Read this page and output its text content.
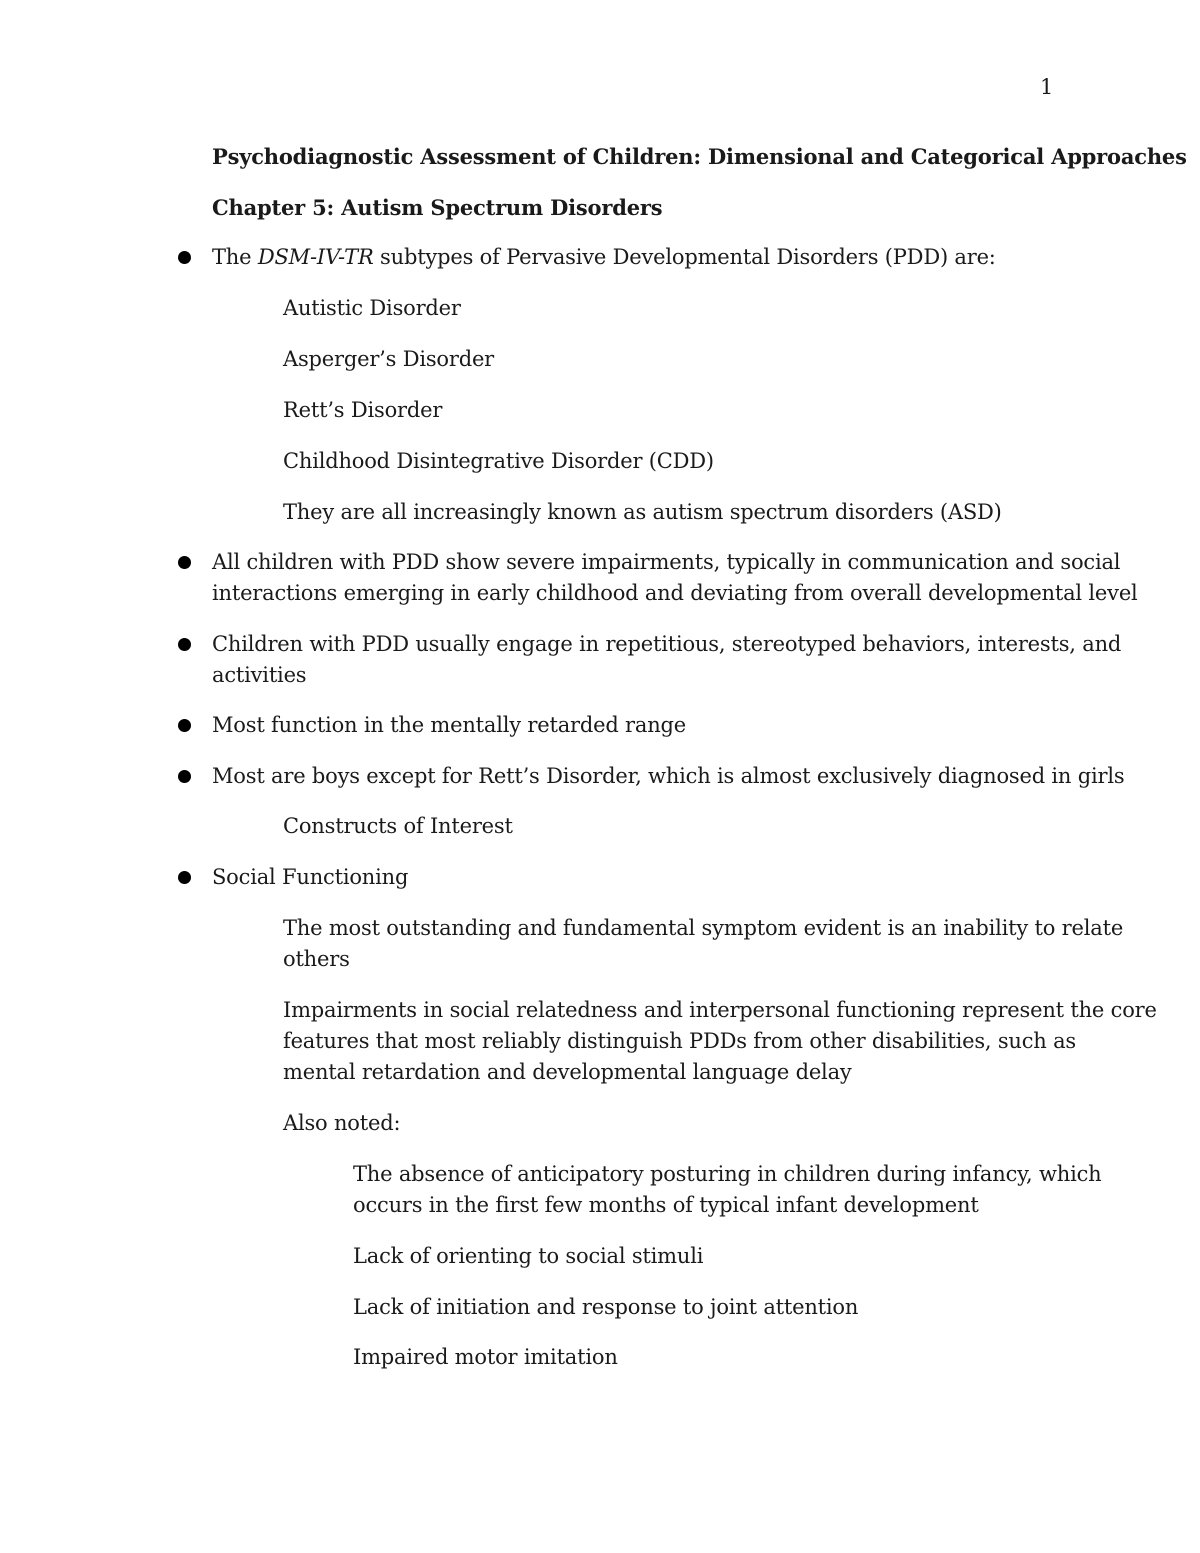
1
Psychodiagnostic Assessment of Children: Dimensional and Categorical Approaches
Chapter 5: Autism Spectrum Disorders
The DSM-IV-TR subtypes of Pervasive Developmental Disorders (PDD) are:
Autistic Disorder
Asperger’s Disorder
Rett’s Disorder
Childhood Disintegrative Disorder (CDD)
They are all increasingly known as autism spectrum disorders (ASD)
All children with PDD show severe impairments, typically in communication and social
interactions emerging in early childhood and deviating from overall developmental level
Children with PDD usually engage in repetitious, stereotyped behaviors, interests, and
activities
Most function in the mentally retarded range
Most are boys except for Rett’s Disorder, which is almost exclusively diagnosed in girls
Constructs of Interest
Social Functioning
The most outstanding and fundamental symptom evident is an inability to relate
others
Impairments in social relatedness and interpersonal functioning represent the core
features that most reliably distinguish PDDs from other disabilities, such as
mental retardation and developmental language delay
Also noted:
The absence of anticipatory posturing in children during infancy, which
occurs in the first few months of typical infant development
Lack of orienting to social stimuli
Lack of initiation and response to joint attention
Impaired motor imitation
